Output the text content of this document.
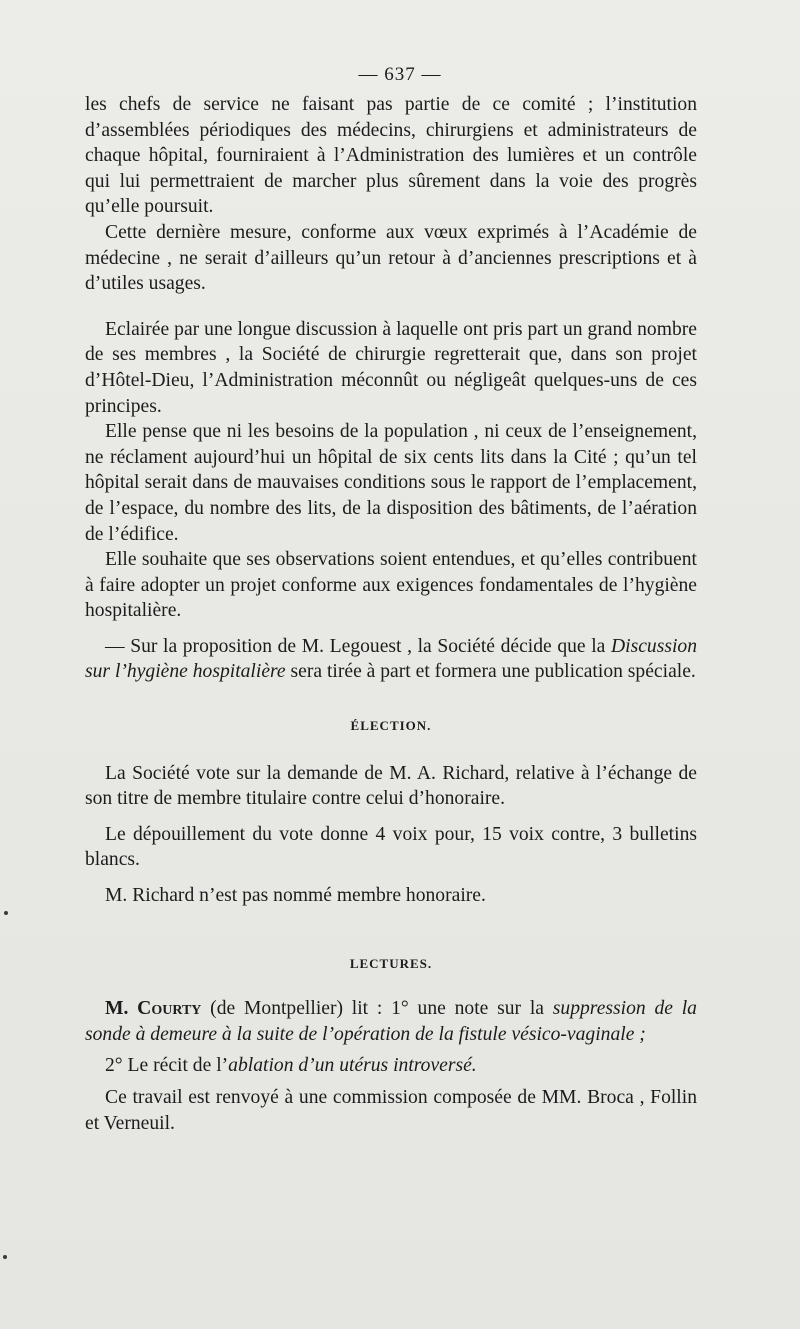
— 637 —

les chefs de service ne faisant pas partie de ce comité ; l’institution d’assemblées périodiques des médecins, chirurgiens et administrateurs de chaque hôpital, fourniraient à l’Administration des lumières et un contrôle qui lui permettraient de marcher plus sûrement dans la voie des progrès qu’elle poursuit.

Cette dernière mesure, conforme aux vœux exprimés à l’Académie de médecine , ne serait d’ailleurs qu’un retour à d’anciennes prescriptions et à d’utiles usages.

Eclairée par une longue discussion à laquelle ont pris part un grand nombre de ses membres , la Société de chirurgie regretterait que, dans son projet d’Hôtel-Dieu, l’Administration méconnût ou négligeât quelques-uns de ces principes.

Elle pense que ni les besoins de la population , ni ceux de l’enseignement, ne réclament aujourd’hui un hôpital de six cents lits dans la Cité ; qu’un tel hôpital serait dans de mauvaises conditions sous le rapport de l’emplacement, de l’espace, du nombre des lits, de la disposition des bâtiments, de l’aération de l’édifice.

Elle souhaite que ses observations soient entendues, et qu’elles contribuent à faire adopter un projet conforme aux exigences fondamentales de l’hygiène hospitalière.

— Sur la proposition de M. Legouest , la Société décide que la Discussion sur l’hygiène hospitalière sera tirée à part et formera une publication spéciale.

ÉLECTION.

La Société vote sur la demande de M. A. Richard, relative à l’échange de son titre de membre titulaire contre celui d’honoraire.

Le dépouillement du vote donne 4 voix pour, 15 voix contre, 3 bulletins blancs.

M. Richard n’est pas nommé membre honoraire.

LECTURES.

M. Courty (de Montpellier) lit : 1° une note sur la suppression de la sonde à demeure à la suite de l’opération de la fistule vésico-vaginale ;

2° Le récit de l’ablation d’un utérus introversé.

Ce travail est renvoyé à une commission composée de MM. Broca , Follin et Verneuil.
